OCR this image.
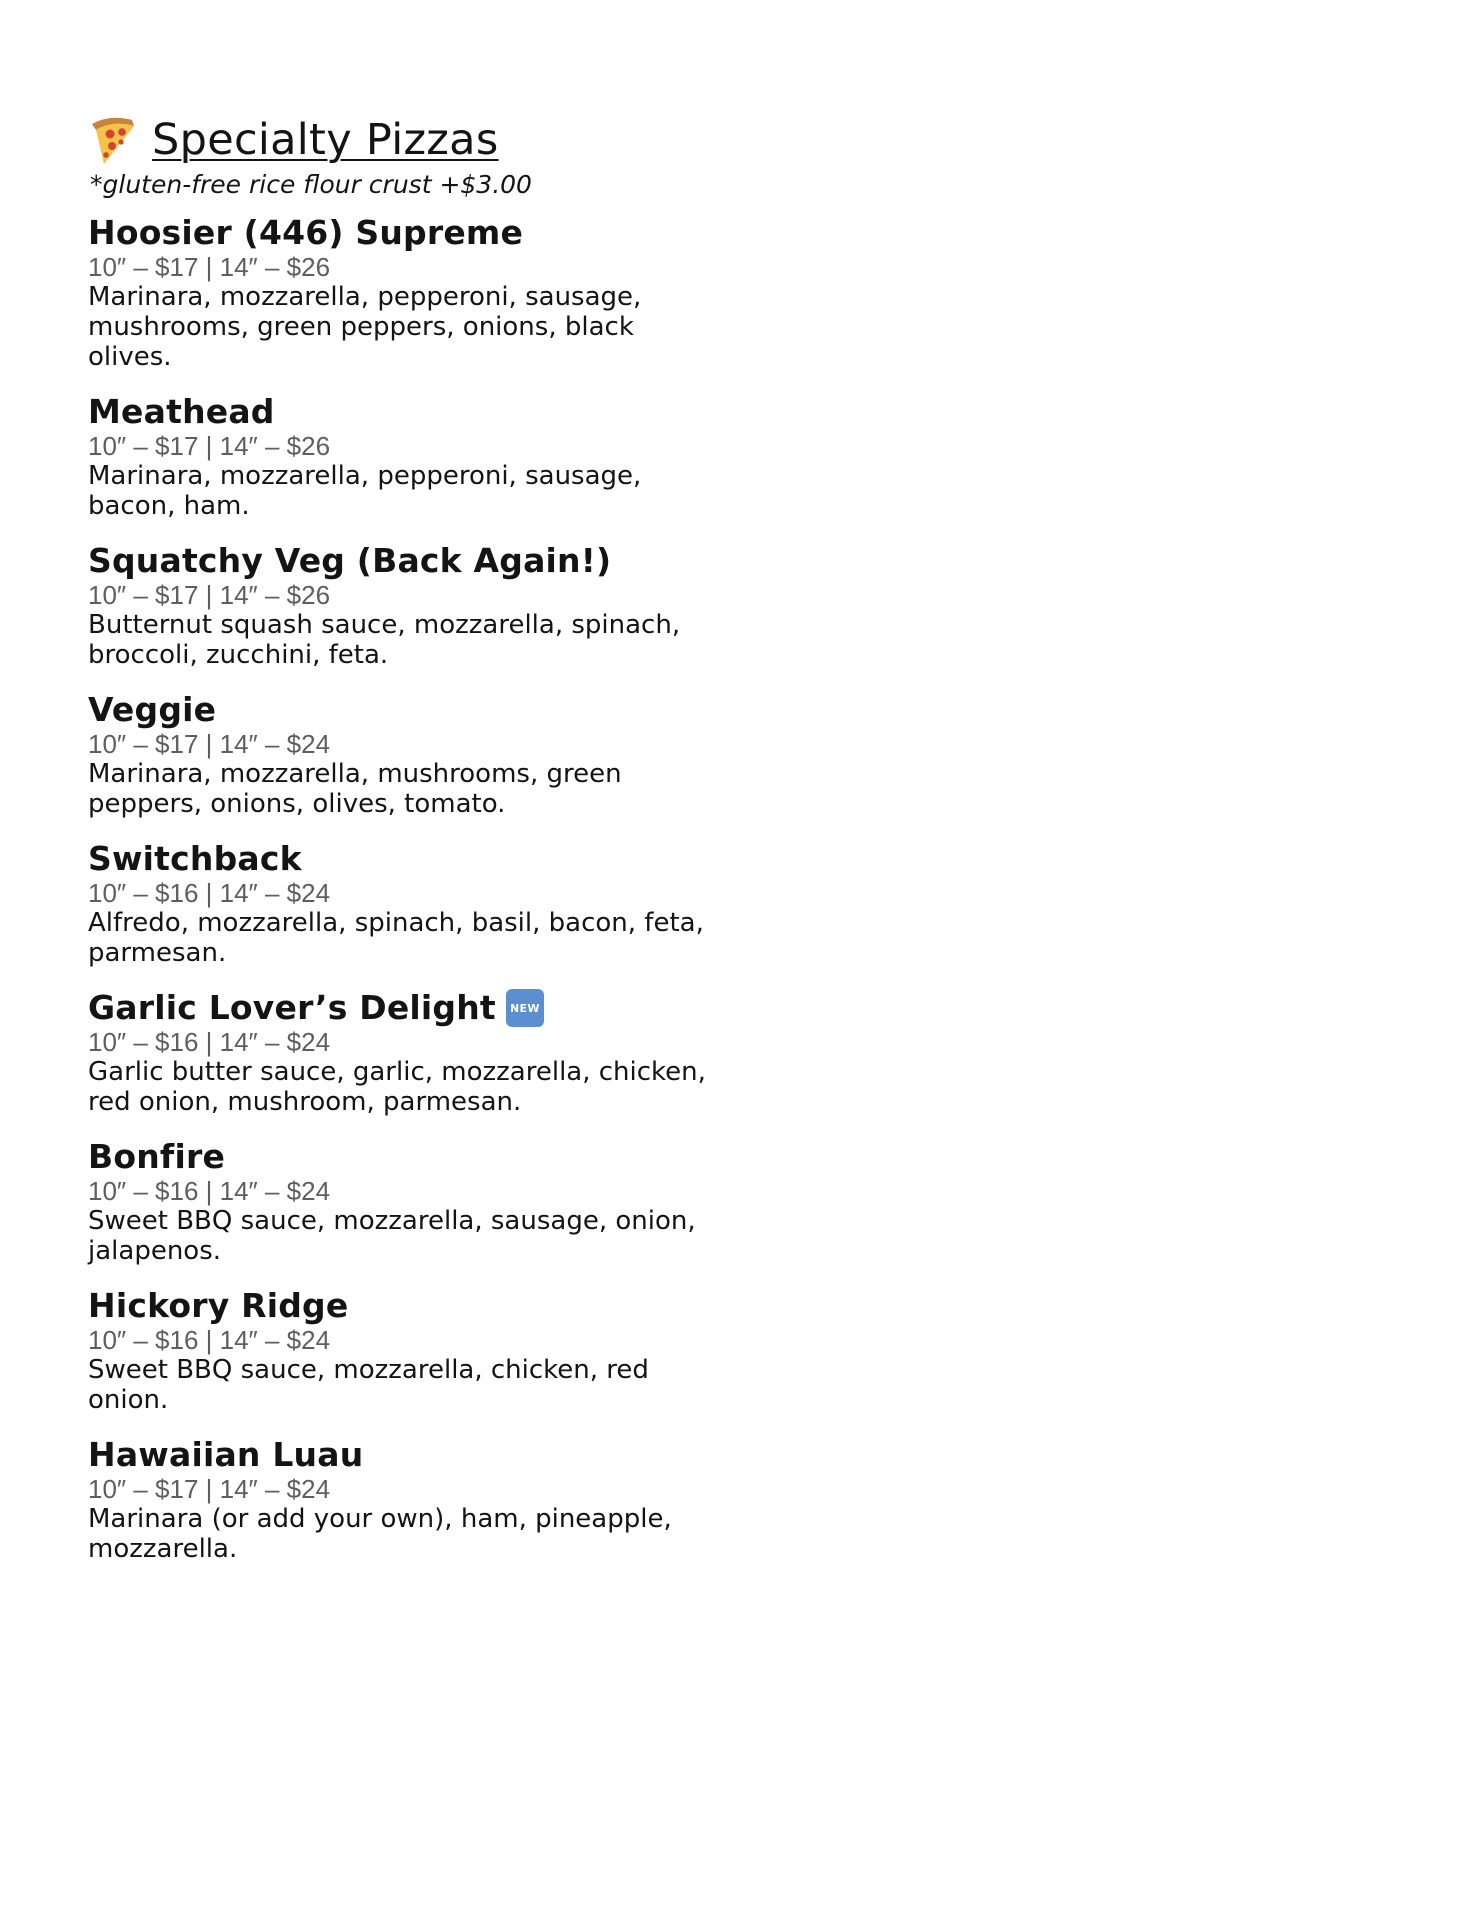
Specialty Pizzas
*gluten-free rice flour crust +$3.00
Hoosier (446) Supreme
10″ – $17 | 14″ – $26
Marinara, mozzarella, pepperoni, sausage, mushrooms, green peppers, onions, black olives.
Meathead
10″ – $17 | 14″ – $26
Marinara, mozzarella, pepperoni, sausage, bacon, ham.
Squatchy Veg (Back Again!)
10″ – $17 | 14″ – $26
Butternut squash sauce, mozzarella, spinach, broccoli, zucchini, feta.
Veggie
10″ – $17 | 14″ – $24
Marinara, mozzarella, mushrooms, green peppers, onions, olives, tomato.
Switchback
10″ – $16 | 14″ – $24
Alfredo, mozzarella, spinach, basil, bacon, feta, parmesan.
Garlic Lover’s Delight	NEW
10″ – $16 | 14″ – $24
Garlic butter sauce, garlic, mozzarella, chicken, red onion, mushroom, parmesan.
Bonfire
10″ – $16 | 14″ – $24
Sweet BBQ sauce, mozzarella, sausage, onion, jalapenos.
Hickory Ridge
10″ – $16 | 14″ – $24
Sweet BBQ sauce, mozzarella, chicken, red onion.
Hawaiian Luau
10″ – $17 | 14″ – $24
Marinara (or add your own), ham, pineapple, mozzarella.
